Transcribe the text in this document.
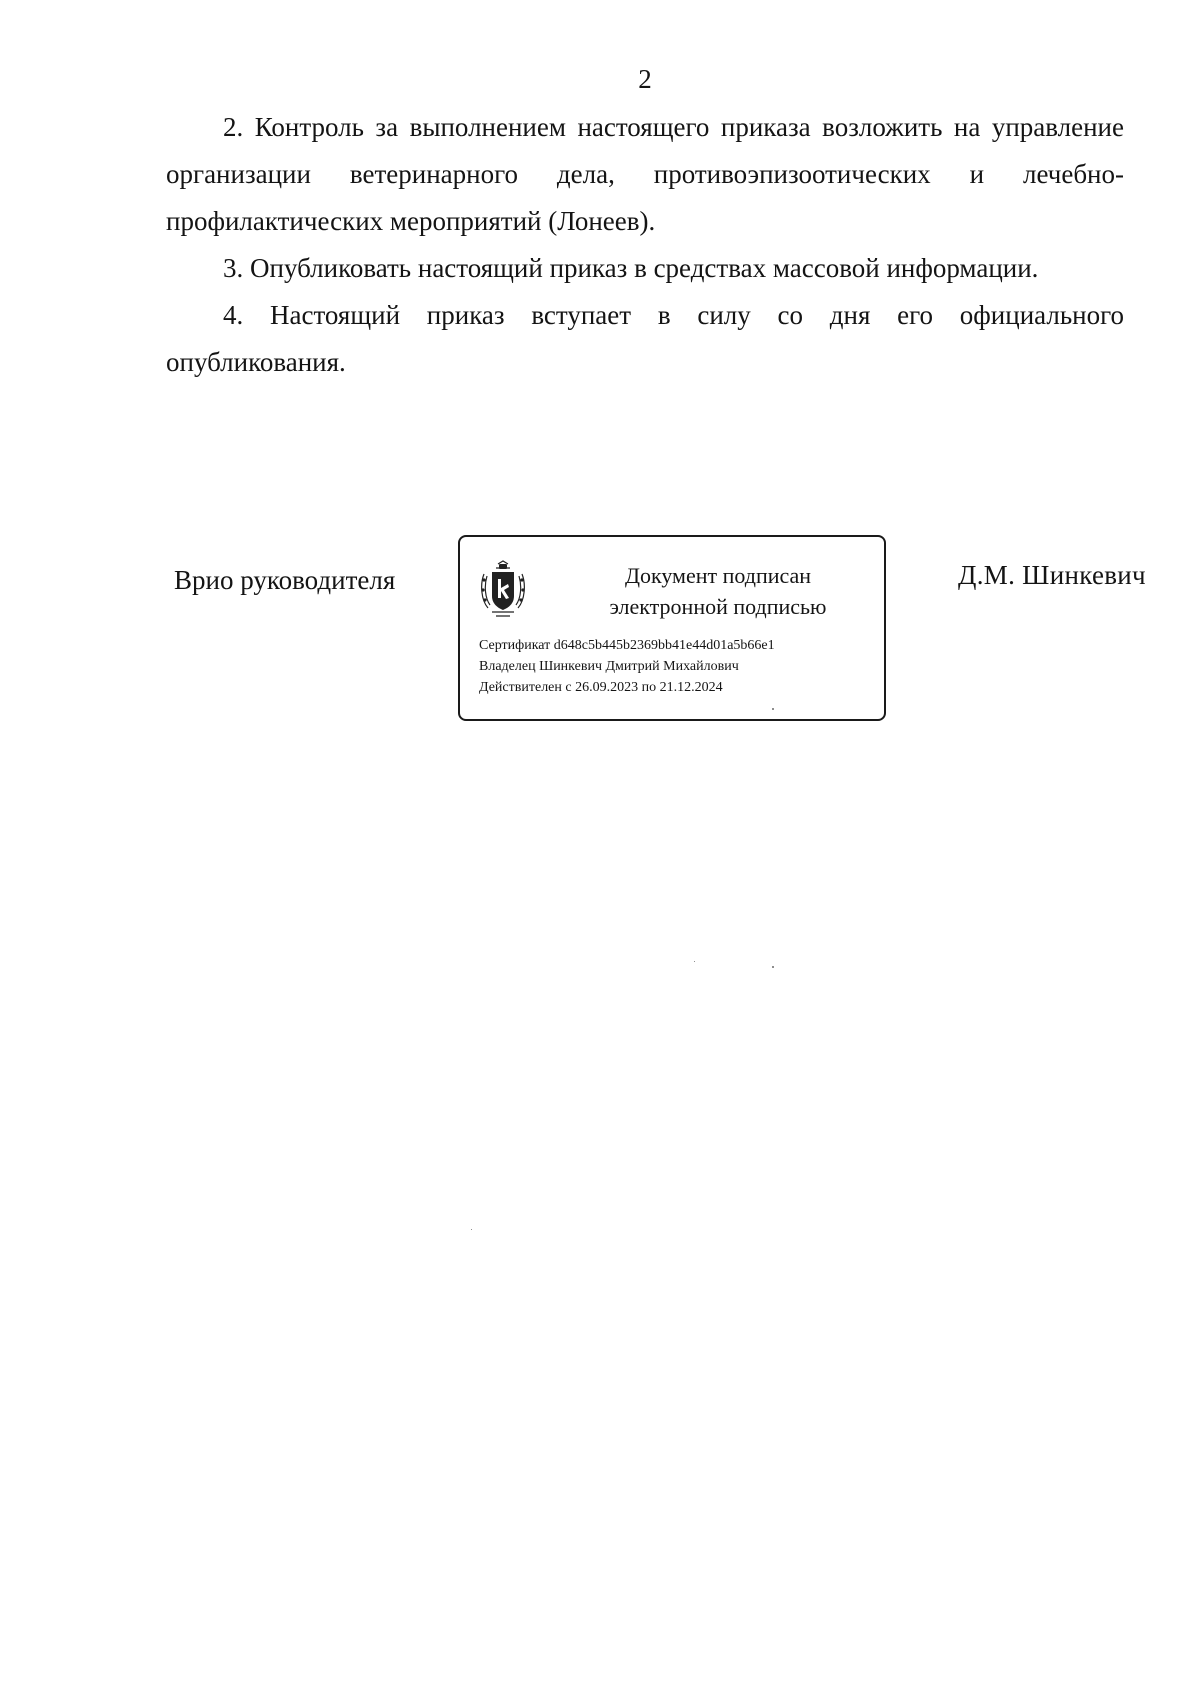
2

2. Контроль за выполнением настоящего приказа возложить на управление организации ветеринарного дела, противоэпизоотических и лечебно-профилактических мероприятий (Лонеев).

3. Опубликовать настоящий приказ в средствах массовой информации.

4. Настоящий приказ вступает в силу со дня его официального опубликования.

Врио руководителя	Документ подписан
электронной подписью
Сертификат d648c5b445b2369bb41e44d01a5b66e1
Владелец Шинкевич Дмитрий Михайлович
Действителен с 26.09.2023 по 21.12.2024
Д.М. Шинкевич
